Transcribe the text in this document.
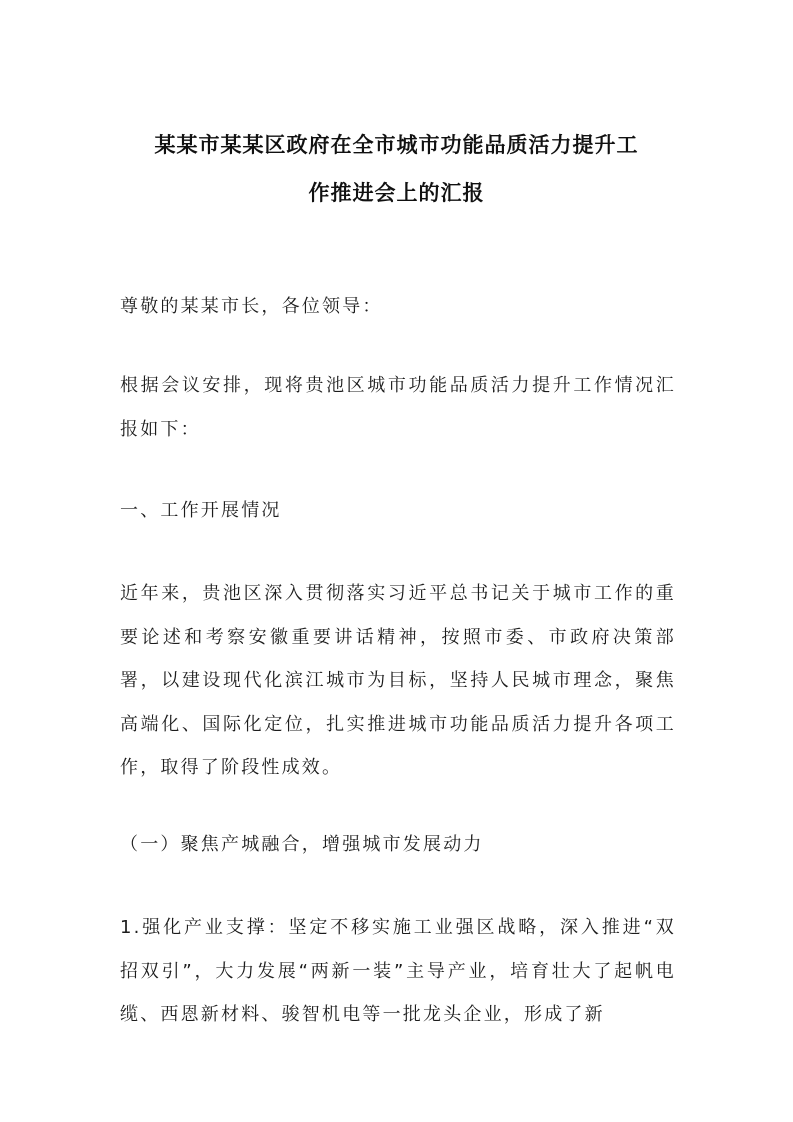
某某市某某区政府在全市城市功能品质活力提升工
作推进会上的汇报

尊敬的某某市长，各位领导：

根据会议安排，现将贵池区城市功能品质活力提升工作情况汇报如下：

一、工作开展情况

近年来，贵池区深入贯彻落实习近平总书记关于城市工作的重要论述和考察安徽重要讲话精神，按照市委、市政府决策部署，以建设现代化滨江城市为目标，坚持人民城市理念，聚焦高端化、国际化定位，扎实推进城市功能品质活力提升各项工作，取得了阶段性成效。

（一）聚焦产城融合，增强城市发展动力

1.强化产业支撑：坚定不移实施工业强区战略，深入推进“双招双引”，大力发展“两新一装”主导产业，培育壮大了起帆电缆、西恩新材料、骏智机电等一批龙头企业，形成了新
